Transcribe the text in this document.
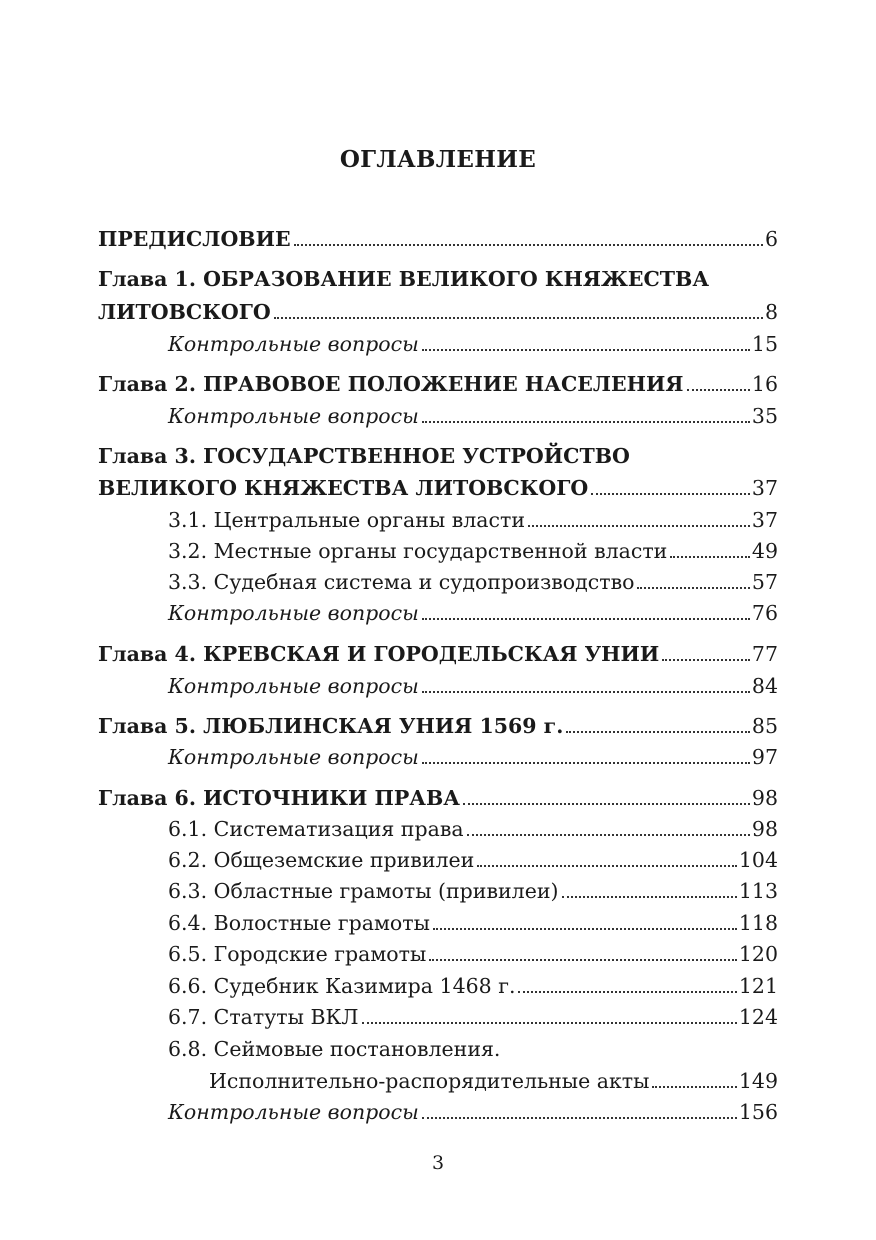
ОГЛАВЛЕНИЕ
ПРЕДИСЛОВИЕ	6
Глава 1. ОБРАЗОВАНИЕ ВЕЛИКОГО КНЯЖЕСТВА
ЛИТОВСКОГО	8
Контрольные вопросы	15
Глава 2. ПРАВОВОЕ ПОЛОЖЕНИЕ НАСЕЛЕНИЯ	16
Контрольные вопросы	35
Глава 3. ГОСУДАРСТВЕННОЕ УСТРОЙСТВО
ВЕЛИКОГО КНЯЖЕСТВА ЛИТОВСКОГО	37
3.1. Центральные органы власти	37
3.2. Местные органы государственной власти	49
3.3. Судебная система и судопроизводство	57
Контрольные вопросы	76
Глава 4. КРЕВСКАЯ И ГОРОДЕЛЬСКАЯ УНИИ	77
Контрольные вопросы	84
Глава 5. ЛЮБЛИНСКАЯ УНИЯ 1569 г.	85
Контрольные вопросы	97
Глава 6. ИСТОЧНИКИ ПРАВА	98
6.1. Систематизация права	98
6.2. Общеземские привилеи	104
6.3. Областные грамоты (привилеи)	113
6.4. Волостные грамоты	118
6.5. Городские грамоты	120
6.6. Судебник Казимира 1468 г.	121
6.7. Статуты ВКЛ	124
6.8. Сеймовые постановления.
Исполнительно-распорядительные акты	149
Контрольные вопросы	156
3
